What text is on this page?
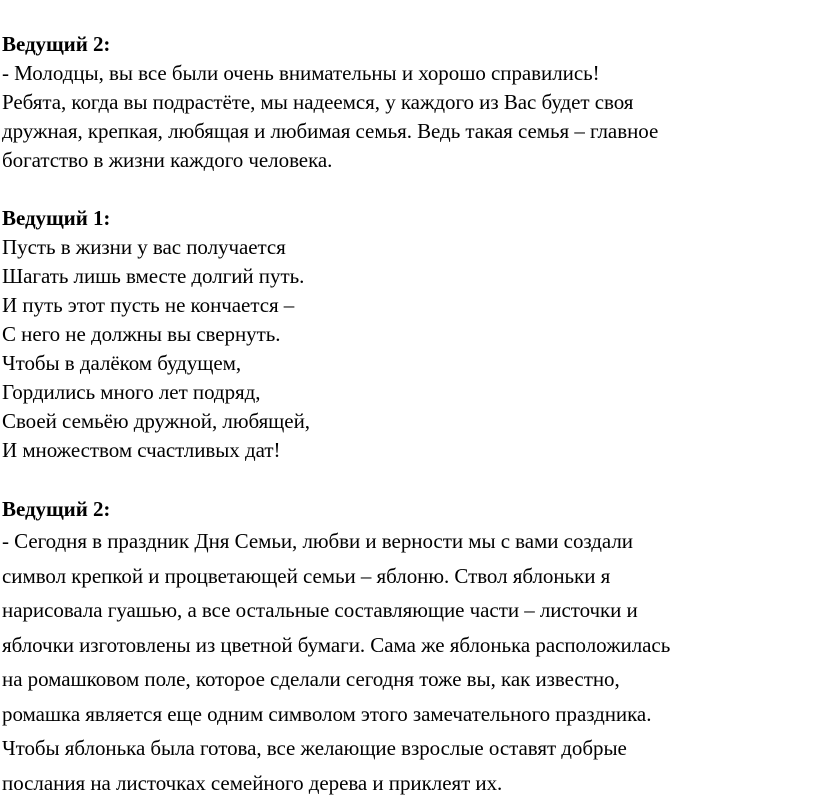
Ведущий 2:
- Молодцы, вы все были очень внимательны и хорошо справились!
Ребята, когда вы подрастёте, мы надеемся, у каждого из Вас будет своя
дружная, крепкая, любящая и любимая семья. Ведь такая семья – главное
богатство в жизни каждого человека.
Ведущий 1:
Пусть в жизни у вас получается
Шагать лишь вместе долгий путь.
И путь этот пусть не кончается –
С него не должны вы свернуть.
Чтобы в далёком будущем,
Гордились много лет подряд,
Своей семьёю дружной, любящей,
И множеством счастливых дат!
Ведущий 2:
- Сегодня в праздник Дня Семьи, любви и верности мы с вами создали
символ крепкой и процветающей семьи – яблоню. Ствол яблоньки я
нарисовала гуашью, а все остальные составляющие части – листочки и
яблочки изготовлены из цветной бумаги. Сама же яблонька расположилась
на ромашковом поле, которое сделали сегодня тоже вы, как известно,
ромашка является еще одним символом этого замечательного праздника.
Чтобы яблонька была готова, все желающие взрослые оставят добрые
послания на листочках семейного дерева и приклеят их.
